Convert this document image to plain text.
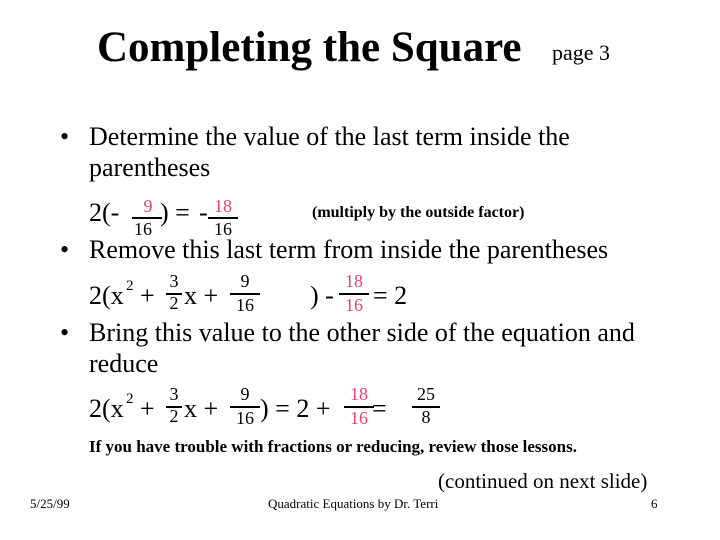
Completing the Square page 3
• Determine the value of the last term inside the
parentheses
2(-	9
16
) = - 18
16
(multiply by the outside factor)
• Remove this last term from inside the parentheses
2(x 2 + 3
2 x +	9
16 ) - 18
16 = 2
• Bring this value to the other side of the equation and
reduce
2(x 2 + 3
2 x +	9
16 ) = 2 +	18
16 = 25
8
If you have trouble with fractions or reducing, review those lessons.
(continued on next slide)
5/25/99	Quadratic Equations by Dr. Terri	6
